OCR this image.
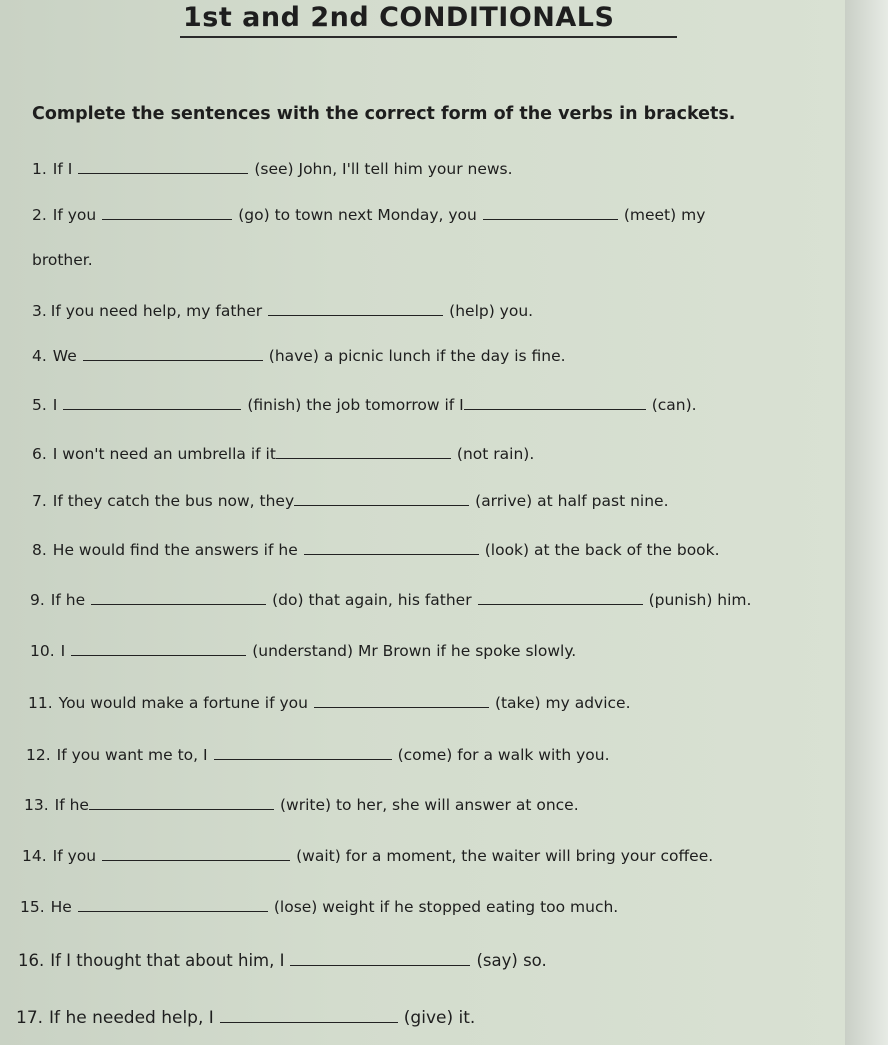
1st and 2nd CONDITIONALS
Complete the sentences with the correct form of the verbs in brackets.
1. If I	(see) John, I'll tell him your news.
2. If you	(go) to town next Monday, you	(meet) my
brother.
3. If you need help, my father	(help) you.
4. We	(have) a picnic lunch if the day is fine.
5. I	(finish) the job tomorrow if I	(can).
6. I won't need an umbrella if it	(not rain).
7. If they catch the bus now, they	(arrive) at half past nine.
8. He would find the answers if he	(look) at the back of the book.
9. If he	(do) that again, his father	(punish) him.
10. I	(understand) Mr Brown if he spoke slowly.
11. You would make a fortune if you	(take) my advice.
12. If you want me to, I	(come) for a walk with you.
13. If he	(write) to her, she will answer at once.
14. If you	(wait) for a moment, the waiter will bring your coffee.
15. He	(lose) weight if he stopped eating too much.
16. If I thought that about him, I	(say) so.
17. If he needed help, I	(give) it.
